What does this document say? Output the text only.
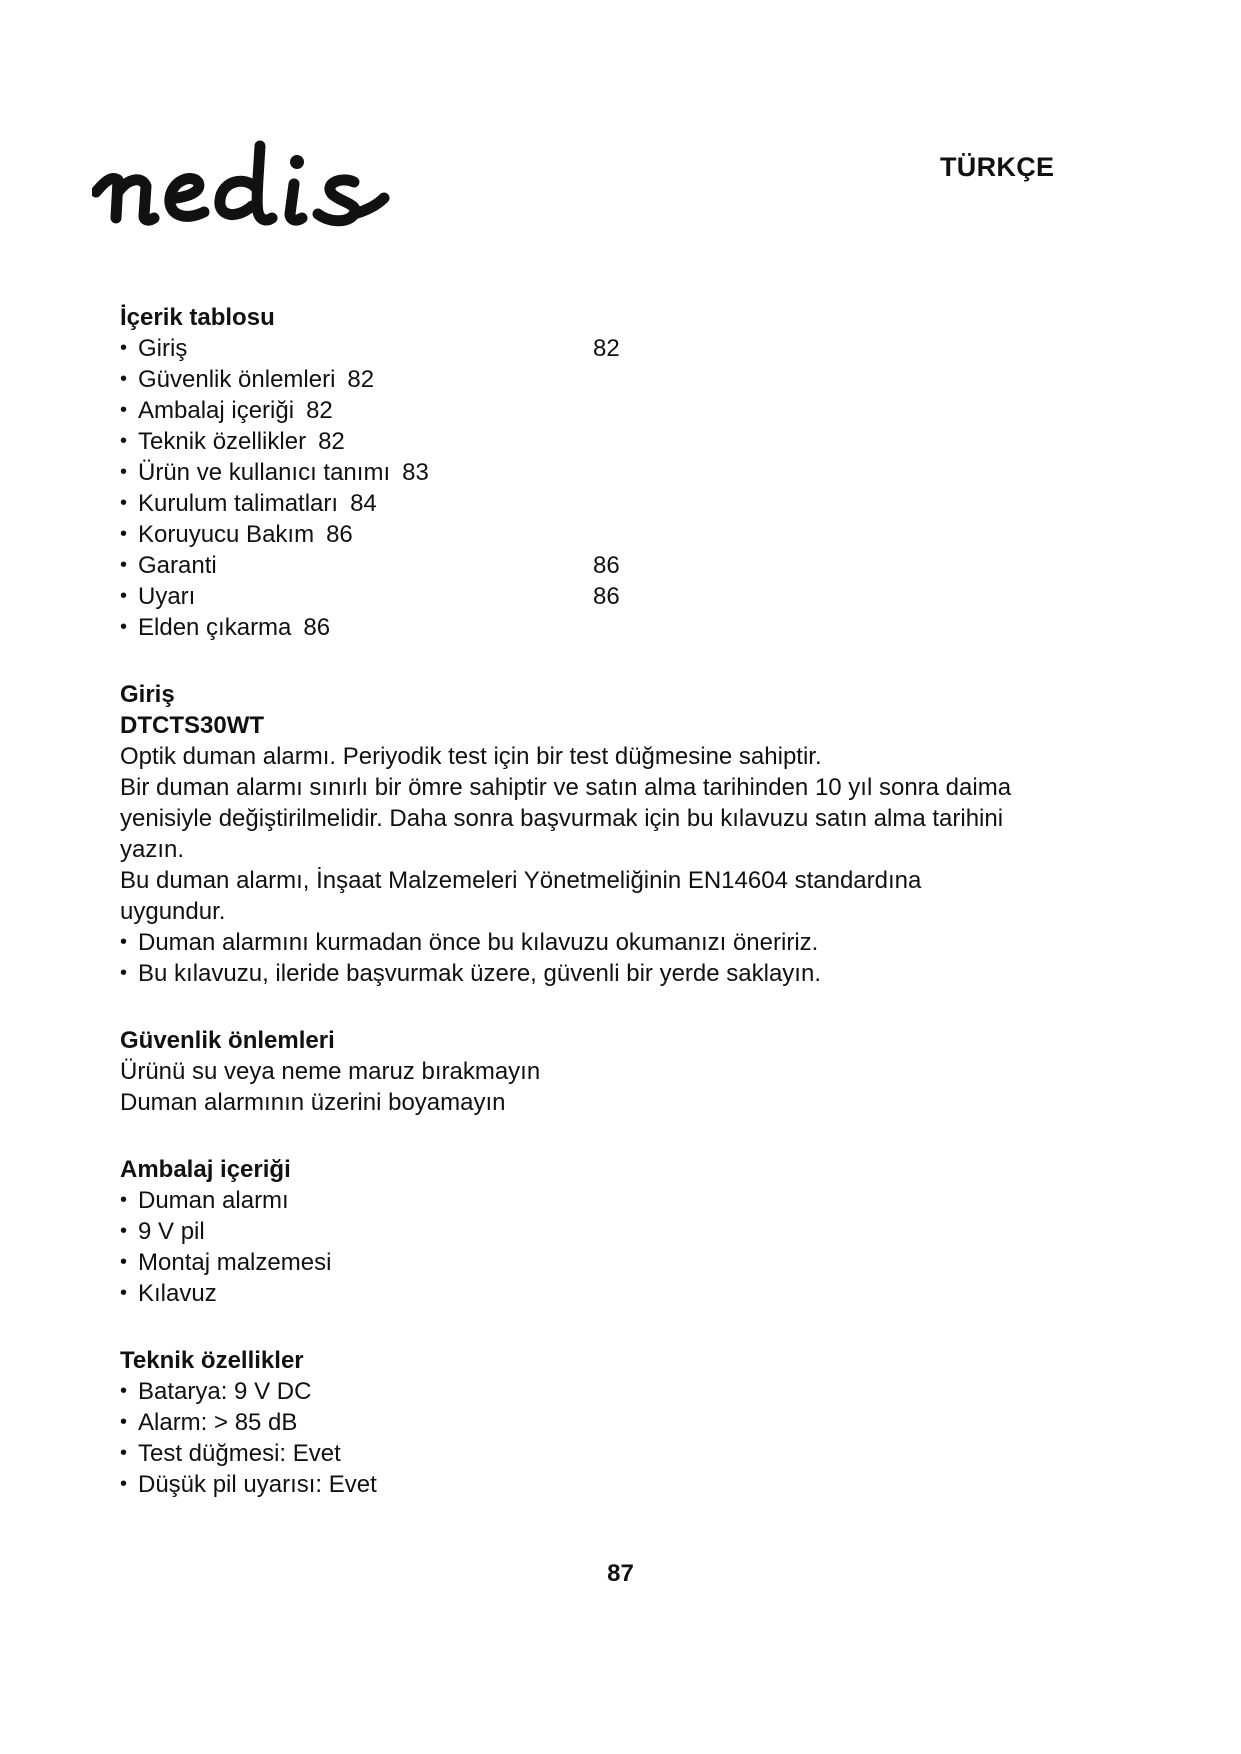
TÜRKÇE
İçerik tablosu
• Giriş	82
• Güvenlik önlemleri 82
• Ambalaj içeriği 82
• Teknik özellikler 82
• Ürün ve kullanıcı tanımı 83
• Kurulum talimatları 84
• Koruyucu Bakım 86
• Garanti	86
• Uyarı	86
• Elden çıkarma 86
Giriş
DTCTS30WT

Optik duman alarmı. Periyodik test için bir test düğmesine sahiptir.

Bir duman alarmı sınırlı bir ömre sahiptir ve satın alma tarihinden 10 yıl sonra daima

yenisiyle değiştirilmelidir. Daha sonra başvurmak için bu kılavuzu satın alma tarihini

yazın.

Bu duman alarmı, İnşaat Malzemeleri Yönetmeliğinin EN14604 standardına

uygundur.

• Duman alarmını kurmadan önce bu kılavuzu okumanızı öneririz.
• Bu kılavuzu, ileride başvurmak üzere, güvenli bir yerde saklayın.
Güvenlik önlemleri

Ürünü su veya neme maruz bırakmayın

Duman alarmının üzerini boyamayın

Ambalaj içeriği
• Duman alarmı
• 9 V pil
• Montaj malzemesi
• Kılavuz
Teknik özellikler
• Batarya: 9 V DC
• Alarm: > 85 dB
• Test düğmesi: Evet
• Düşük pil uyarısı: Evet
87
